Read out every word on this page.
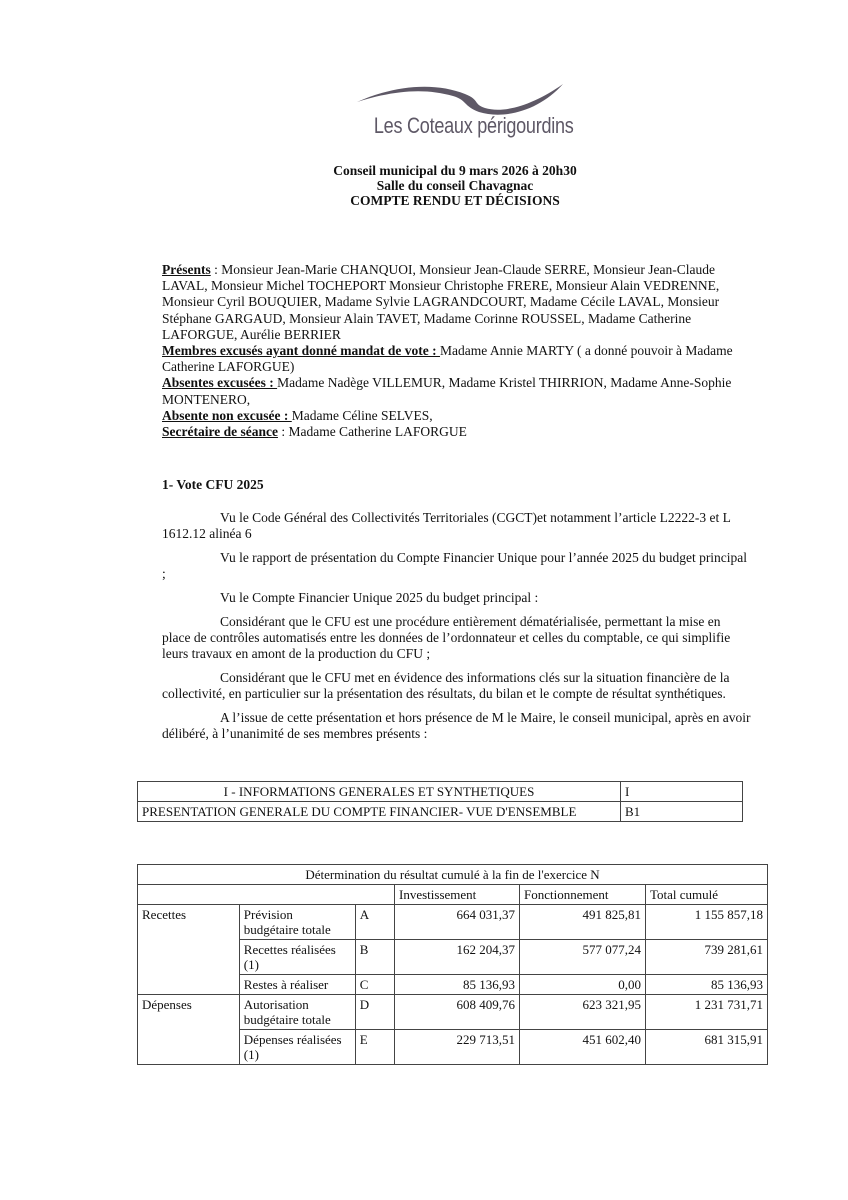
Les Coteaux périgourdins
Conseil municipal du 9 mars 2026 à 20h30
Salle du conseil Chavagnac
COMPTE RENDU ET DÉCISIONS
Présents : Monsieur Jean-Marie CHANQUOI, Monsieur Jean-Claude SERRE, Monsieur Jean-Claude LAVAL, Monsieur Michel TOCHEPORT Monsieur Christophe FRERE, Monsieur Alain VEDRENNE, Monsieur Cyril BOUQUIER, Madame Sylvie LAGRANDCOURT, Madame Cécile LAVAL, Monsieur Stéphane GARGAUD, Monsieur Alain TAVET, Madame Corinne ROUSSEL, Madame Catherine LAFORGUE, Aurélie BERRIER
Membres excusés ayant donné mandat de vote : Madame Annie MARTY ( a donné pouvoir à Madame Catherine LAFORGUE)
Absentes excusées : Madame Nadège VILLEMUR, Madame Kristel THIRRION, Madame Anne-Sophie MONTENERO,
Absente non excusée : Madame Céline SELVES,
Secrétaire de séance : Madame Catherine LAFORGUE
1- Vote CFU 2025
Vu le Code Général des Collectivités Territoriales (CGCT)et notamment l’article L2222-3 et L 1612.12 alinéa 6
Vu le rapport de présentation du Compte Financier Unique pour l’année 2025 du budget principal ;
Vu le Compte Financier Unique 2025 du budget principal :
Considérant que le CFU est une procédure entièrement dématérialisée, permettant la mise en place de contrôles automatisés entre les données de l’ordonnateur et celles du comptable, ce qui simplifie leurs travaux en amont de la production du CFU ;
Considérant que le CFU met en évidence des informations clés sur la situation financière de la collectivité, en particulier sur la présentation des résultats, du bilan et le compte de résultat synthétiques.
A l’issue de cette présentation et hors présence de M le Maire, le conseil municipal, après en avoir délibéré, à l’unanimité de ses membres présents :
I - INFORMATIONS GENERALES ET SYNTHETIQUES	I
PRESENTATION GENERALE DU COMPTE FINANCIER- VUE D'ENSEMBLE	B1
Détermination du résultat cumulé à la fin de l'exercice N					
			Investissement	Fonctionnement	Total cumulé
Recettes	Prévision budgétaire totale	A	664 031,37	491 825,81	1 155 857,18
	Recettes réalisées (1)	B	162 204,37	577 077,24	739 281,61
	Restes à réaliser	C	85 136,93	0,00	85 136,93
Dépenses	Autorisation budgétaire totale	D	608 409,76	623 321,95	1 231 731,71
	Dépenses réalisées (1)	E	229 713,51	451 602,40	681 315,91
